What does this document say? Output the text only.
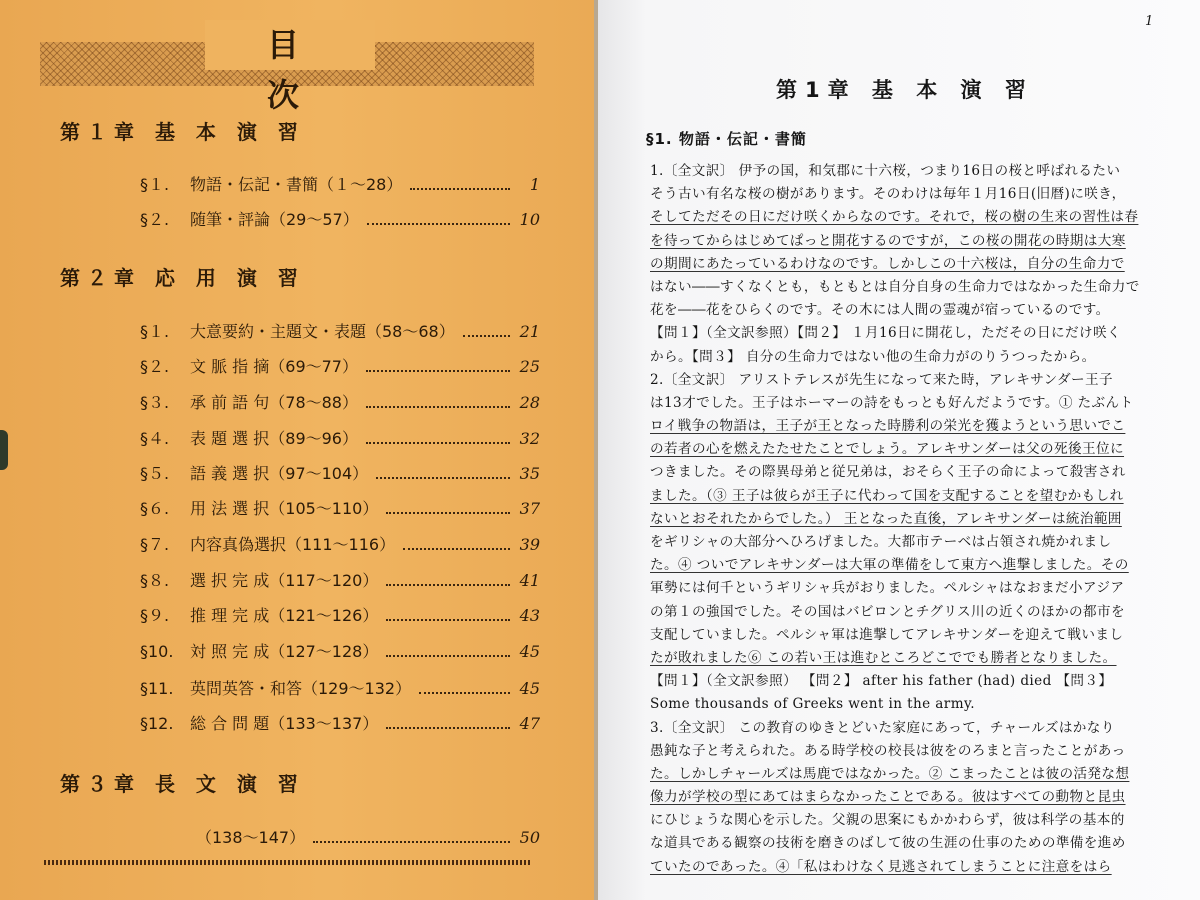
目 次
第１章 基 本 演 習
§１.	物語・伝記・書簡（１～28）	1
§２.	随筆・評論（29～57）	10
第２章 応 用 演 習
§１.	大意要約・主題文・表題（58～68）	21
§２.	文 脈 指 摘（69～77）	25
§３.	承 前 語 句（78～88）	28
§４.	表 題 選 択（89～96）	32
§５.	語 義 選 択（97～104）	35
§６.	用 法 選 択（105～110）	37
§７.	内容真偽選択（111～116）	39
§８.	選 択 完 成（117～120）	41
§９.	推 理 完 成（121～126）	43
§10.	対 照 完 成（127～128）	45
§11.	英問英答・和答（129～132）	45
§12.	総 合 問 題（133～137）	47
第３章 長 文 演 習
（138～147）	50
1
第1章 基 本 演 習
§1. 物語・伝記・書簡
1.〔全文訳〕 伊予の国，和気郡に十六桜，つまり16日の桜と呼ばれるたい
そう古い有名な桜の樹があります。そのわけは毎年１月16日(旧暦)に咲き，
そしてただその日にだけ咲くからなのです。それで，桜の樹の生来の習性は春
を待ってからはじめてぱっと開花するのですが，この桜の開花の時期は大寒
の期間にあたっているわけなのです。しかしこの十六桜は，自分の生命力で
はない――すくなくとも，もともとは自分自身の生命力ではなかった生命力で
花を――花をひらくのです。その木には人間の霊魂が宿っているのです。
【問１】（全文訳参照）【問２】 １月16日に開花し，ただその日にだけ咲く
から。【問３】 自分の生命力ではない他の生命力がのりうつったから。
2.〔全文訳〕 アリストテレスが先生になって来た時，アレキサンダー王子
は13才でした。王子はホーマーの詩をもっとも好んだようです。① たぶんト
ロイ戦争の物語は，王子が王となった時勝利の栄光を獲ようという思いでこ
の若者の心を燃えたたせたことでしょう。アレキサンダーは父の死後王位に
つきました。その際異母弟と従兄弟は，おそらく王子の命によって殺害され
ました。（③ 王子は彼らが王子に代わって国を支配することを望むかもしれ
ないとおそれたからでした。） 王となった直後，アレキサンダーは統治範囲
をギリシャの大部分へひろげました。大都市テーベは占領され焼かれまし
た。④ ついでアレキサンダーは大軍の準備をして東方へ進撃しました。その
軍勢には何千というギリシャ兵がおりました。ペルシャはなおまだ小アジア
の第１の強国でした。その国はバビロンとチグリス川の近くのほかの都市を
支配していました。ペルシャ軍は進撃してアレキサンダーを迎えて戦いまし
たが敗れました⑥ この若い王は進むところどこででも勝者となりました。
【問１】（全文訳参照） 【問２】 after his father (had) died 【問３】
Some thousands of Greeks went in the army.
3.〔全文訳〕 この教育のゆきとどいた家庭にあって，チャールズはかなり
愚鈍な子と考えられた。ある時学校の校長は彼をのろまと言ったことがあっ
た。しかしチャールズは馬鹿ではなかった。② こまったことは彼の活発な想
像力が学校の型にあてはまらなかったことである。彼はすべての動物と昆虫
にひじょうな関心を示した。父親の思案にもかかわらず，彼は科学の基本的
な道具である観察の技術を磨きのばして彼の生涯の仕事のための準備を進め
ていたのであった。④「私はわけなく見逃されてしまうことに注意をはら
